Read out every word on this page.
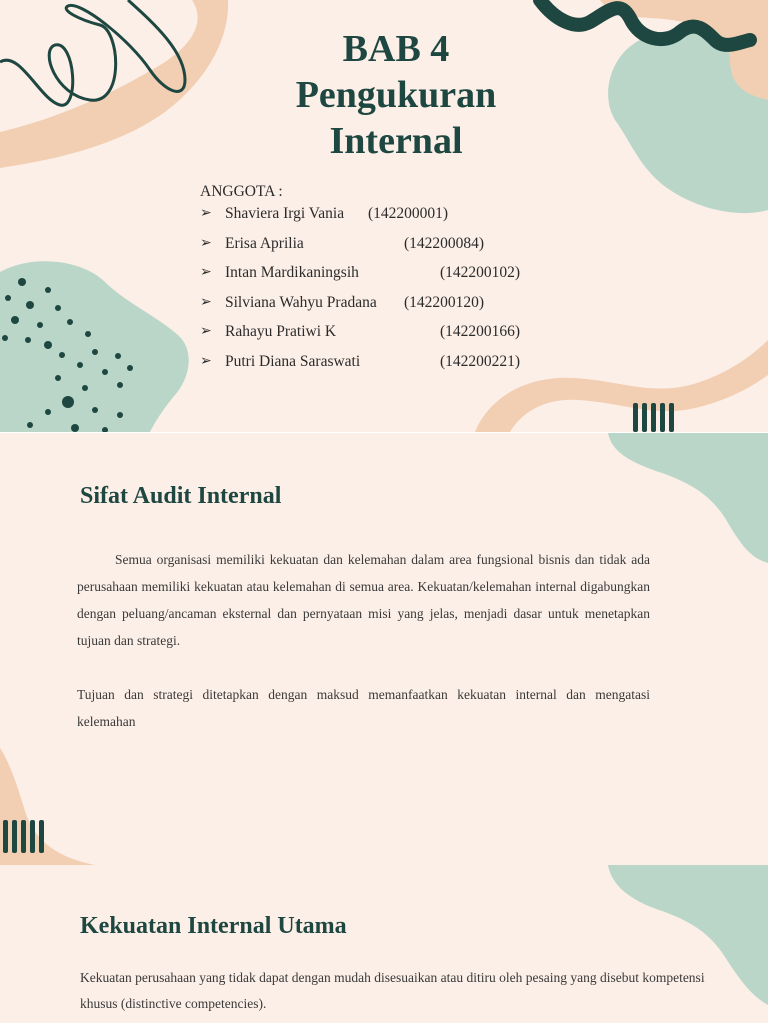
BAB 4
Pengukuran
Internal
ANGGOTA :
➢ Shaviera Irgi Vania (142200001)
➢ Erisa Aprilia	(142200084)
➢ Intan Mardikaningsih	(142200102)
➢ Silviana Wahyu Pradana (142200120)
➢ Rahayu Pratiwi K	(142200166)
➢ Putri Diana Saraswati	(142200221)
Sifat Audit Internal

Semua organisasi memiliki kekuatan dan kelemahan dalam area fungsional bisnis dan tidak ada perusahaan memiliki kekuatan atau kelemahan di semua area. Kekuatan/kelemahan internal digabungkan dengan peluang/ancaman eksternal dan pernyataan misi yang jelas, menjadi dasar untuk menetapkan tujuan dan strategi.

Tujuan dan strategi ditetapkan dengan maksud memanfaatkan kekuatan internal dan mengatasi kelemahan

Kekuatan Internal Utama

Kekuatan perusahaan yang tidak dapat dengan mudah disesuaikan atau ditiru oleh pesaing yang disebut kompetensi khusus (distinctive competencies).
